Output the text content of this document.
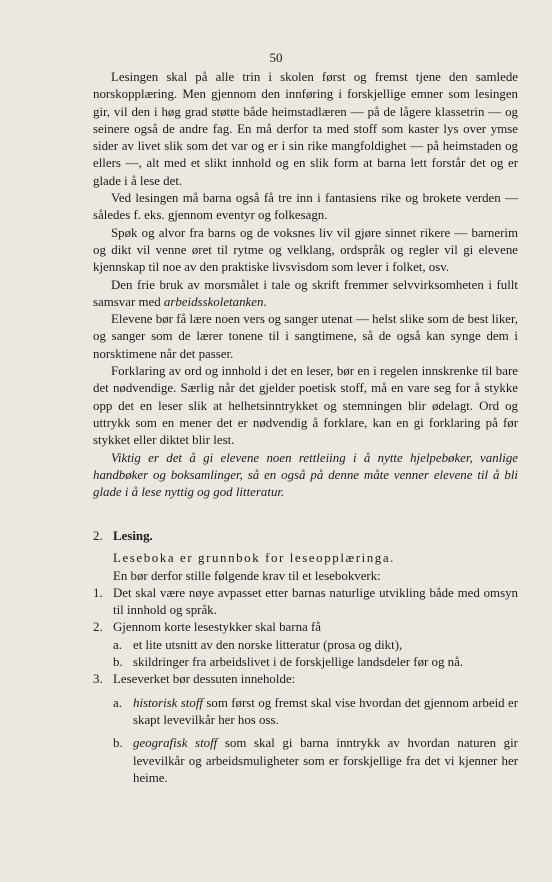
50

Lesingen skal på alle trin i skolen først og fremst tjene den samlede norskopplæring. Men gjennom den innføring i forskjellige emner som lesingen gir, vil den i høg grad støtte både heimstadlæren — på de lågere klassetrin — og seinere også de andre fag. En må derfor ta med stoff som kaster lys over ymse sider av livet slik som det var og er i sin rike mangfoldighet — på heimstaden og ellers —, alt med et slikt innhold og en slik form at barna lett forstår det og er glade i å lese det.

Ved lesingen må barna også få tre inn i fantasiens rike og brokete verden — således f. eks. gjennom eventyr og folkesagn.

Spøk og alvor fra barns og de voksnes liv vil gjøre sinnet rikere — barnerim og dikt vil venne øret til rytme og velklang, ordspråk og regler vil gi elevene kjennskap til noe av den praktiske livsvisdom som lever i folket, osv.

Den frie bruk av morsmålet i tale og skrift fremmer selvvirksomheten i fullt samsvar med arbeidsskoletanken.

Elevene bør få lære noen vers og sanger utenat — helst slike som de best liker, og sanger som de lærer tonene til i sangtimene, så de også kan synge dem i norsktimene når det passer.

Forklaring av ord og innhold i det en leser, bør en i regelen innskrenke til bare det nødvendige. Særlig når det gjelder poetisk stoff, må en vare seg for å stykke opp det en leser slik at helhetsinntrykket og stemningen blir ødelagt. Ord og uttrykk som en mener det er nødvendig å forklare, kan en gi forklaring på før stykket eller diktet blir lest.

Viktig er det å gi elevene noen rettleiing i å nytte hjelpebøker, vanlige handbøker og boksamlinger, så en også på denne måte venner elevene til å bli glade i å lese nyttig og god litteratur.

2. Lesing.

Leseboka er grunnbok for leseopplæringa.

En bør derfor stille følgende krav til et lesebokverk:

1. Det skal være nøye avpasset etter barnas naturlige utvikling både med omsyn til innhold og språk.
2. Gjennom korte lesestykker skal barna få
a. et lite utsnitt av den norske litteratur (prosa og dikt),
b. skildringer fra arbeidslivet i de forskjellige landsdeler før og nå.
3. Leseverket bør dessuten inneholde:
a. historisk stoff som først og fremst skal vise hvordan det gjennom arbeid er skapt levevilkår her hos oss.
b. geografisk stoff som skal gi barna inntrykk av hvordan naturen gir levevilkår og arbeidsmuligheter som er forskjellige fra det vi kjenner her heime.
